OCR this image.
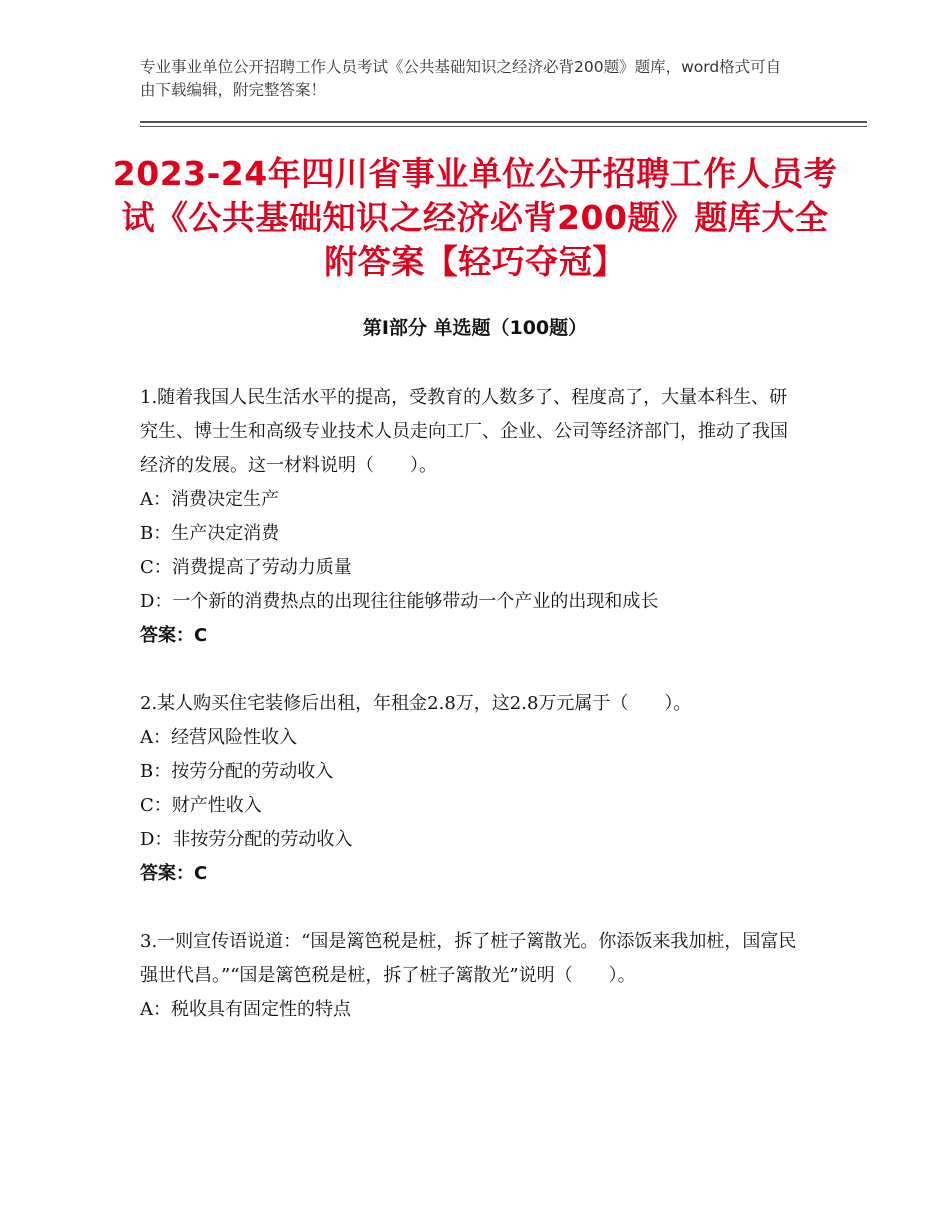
专业事业单位公开招聘工作人员考试《公共基础知识之经济必背200题》题库，word格式可自由下载编辑，附完整答案！
2023-24年四川省事业单位公开招聘工作人员考试《公共基础知识之经济必背200题》题库大全附答案【轻巧夺冠】
第Ⅰ部分 单选题（100题）

1.随着我国人民生活水平的提高，受教育的人数多了、程度高了，大量本科生、研究生、博士生和高级专业技术人员走向工厂、企业、公司等经济部门，推动了我国经济的发展。这一材料说明（　　）。

A：消费决定生产

B：生产决定消费

C：消费提高了劳动力质量

D：一个新的消费热点的出现往往能够带动一个产业的出现和成长

答案：C

2.某人购买住宅装修后出租，年租金2.8万，这2.8万元属于（　　）。

A：经营风险性收入

B：按劳分配的劳动收入

C：财产性收入

D：非按劳分配的劳动收入

答案：C

3.一则宣传语说道：“国是篱笆税是桩，拆了桩子篱散光。你添饭来我加桩，国富民强世代昌。”“国是篱笆税是桩，拆了桩子篱散光”说明（　　）。

A：税收具有固定性的特点
